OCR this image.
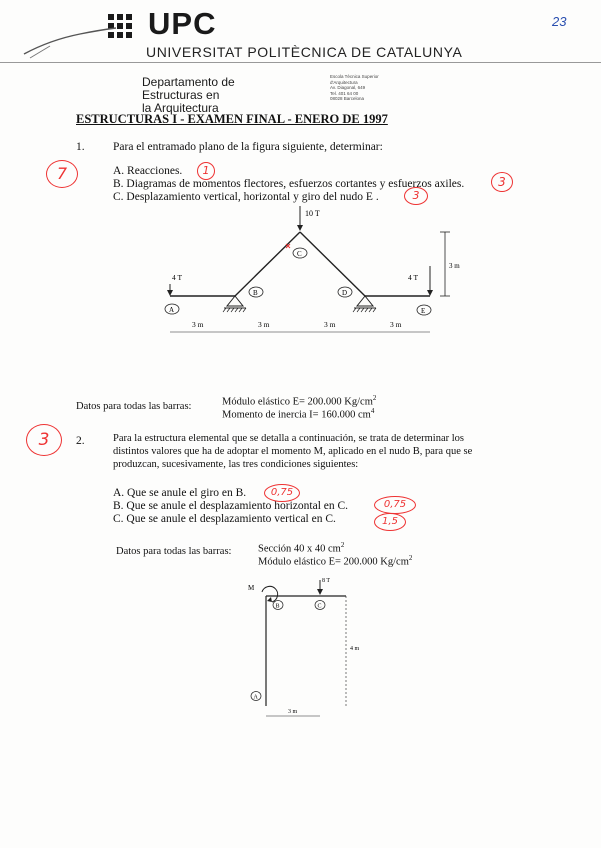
UPC
UNIVERSITAT POLITÈCNICA DE CATALUNYA
23
Departamento de
Estructuras en
la Arquitectura
Escola Tècnica Superior
d'Arquitectura
Av. Diagonal, 649
Tel. 401 64 00
08028 Barcelona
ESTRUCTURAS I - EXAMEN FINAL - ENERO DE 1997
1. Para el entramado plano de la figura siguiente, determinar:
A. Reacciones.
B. Diagramas de momentos flectores, esfuerzos cortantes y esfuerzos axiles.
C. Desplazamiento vertical, horizontal y giro del nudo E .
7	1
3
3
10 T
4 T	4 T
3 m
A
B
C
D
E
3 m	3 m	3 m	3 m
Datos para todas las barras:	Módulo elástico E= 200.000 $Kg/cm^2$
Momento de inercia I= 160.000 $cm^4$
3	2.	Para la estructura elemental que se detalla a continuación, se trata de determinar los
distintos valores que ha de adoptar el momento M, aplicado en el nudo B, para que se
produzcan, sucesivamente, las tres condiciones siguientes:
A. Que se anule el giro en B.
B. Que se anule el desplazamiento horizontal en C.
C. Que se anule el desplazamiento vertical en C.
0,75
0,75
1,5
Datos para todas las barras:	Sección 40 x 40 $cm^2$
Módulo elástico E= 200.000 $Kg/cm^2$
M
8 T
B	C
A
4 m
3 m
